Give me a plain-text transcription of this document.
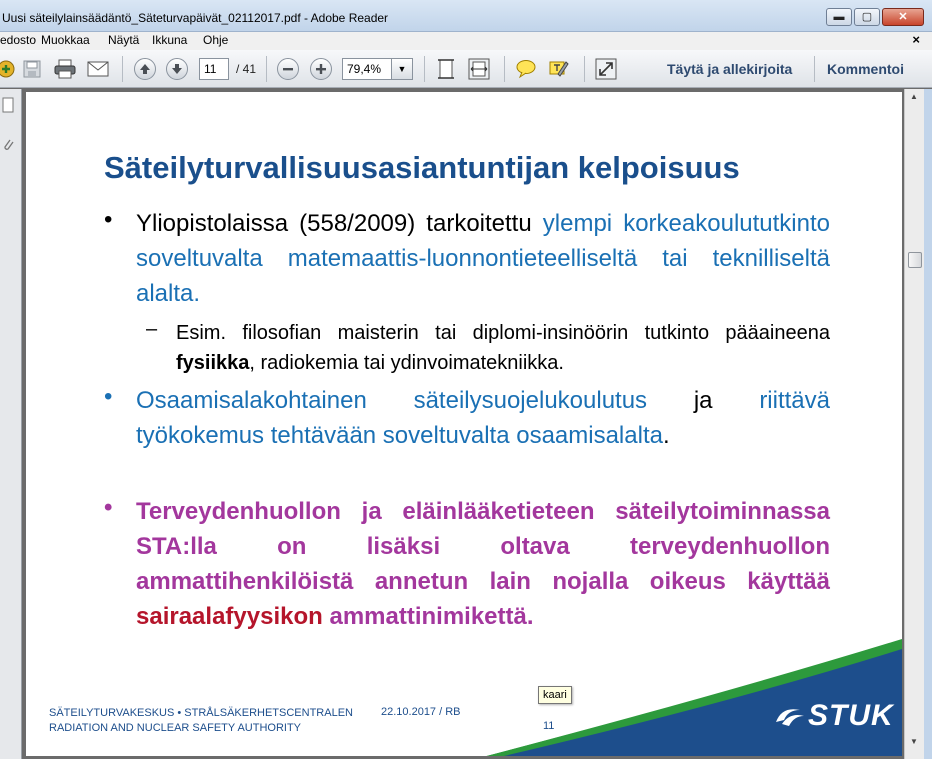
Uusi säteilylainsäädäntö_Säteturvapäivät_02112017.pdf - Adobe Reader	▬	▢	✕
edosto Muokkaa Näytä Ikkuna Ohje	×
11	/ 41	79,4%	▼	Täytä ja allekirjoita Kommentoi
Säteilyturvallisuusasiantuntijan kelpoisuus
• Yliopistolaissa (558/2009) tarkoitettu ylempi korkeakoulututkinto soveltuvalta matemaattis-luonnontieteelliseltä tai teknilliseltä alalta.
– Esim. filosofian maisterin tai diplomi-insinöörin tutkinto pääaineena fysiikka, radiokemia tai ydinvoimatekniikka.
• Osaamisalakohtainen säteilysuojelukoulutus ja riittävä työkokemus tehtävään soveltuvalta osaamisalalta.
• Terveydenhuollon ja eläinlääketieteen säteilytoiminnassa STA:lla on lisäksi oltava terveydenhuollon ammattihenkilöistä annetun lain nojalla oikeus käyttää sairaalafyysikon ammattinimikettä.
kaari
SÄTEILYTURVAKESKUS • STRÅLSÄKERHETSCENTRALEN
RADIATION AND NUCLEAR SAFETY AUTHORITY
22.10.2017 / RB
11	STUK
▲
▼
